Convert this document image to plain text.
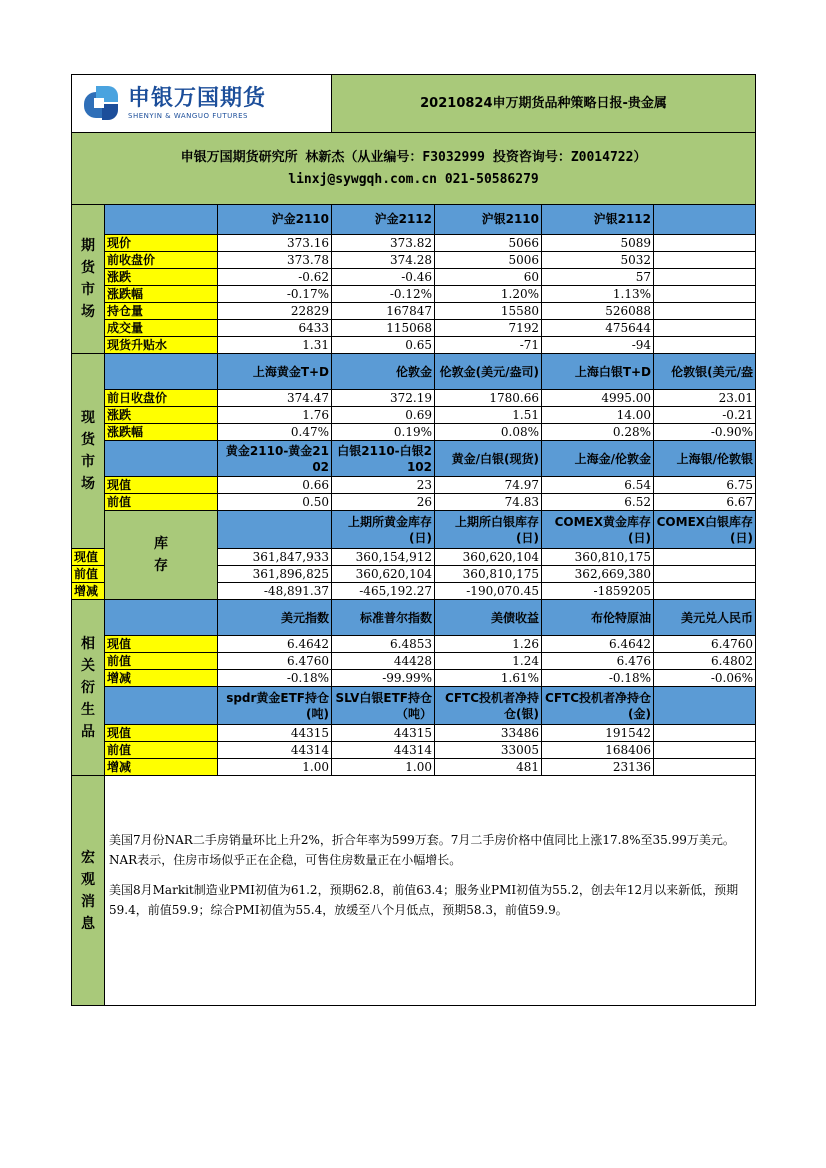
申银万国期货
SHENYIN & WANGUO FUTURES			20210824申万期货品种策略日报-贵金属				

申银万国期货研究所 林新杰（从业编号：F3032999 投资咨询号：Z0014722）
linxj@sywgqh.com.cn 021-50586279							

期货市场		沪金2110	沪金2112	沪银2110	沪银2112		
	现价	373.16	373.82	5066	5089		
	前收盘价	373.78	374.28	5006	5032		
	涨跌	-0.62	-0.46	60	57		
	涨跌幅	-0.17%	-0.12%	1.20%	1.13%		
	持仓量	22829	167847	15580	526088		
	成交量	6433	115068	7192	475644		
	现货升贴水	1.31	0.65	-71	-94		

现货市场		上海黄金T+D	伦敦金	伦敦金(美元/盎司)	上海白银T+D	伦敦银(美元/盎	
	前日收盘价	374.47	372.19	1780.66	4995.00	23.01	
	涨跌	1.76	0.69	1.51	14.00	-0.21	
	涨跌幅	0.47%	0.19%	0.08%	0.28%	-0.90%	
		黄金2110-黄金2102	白银2110-白银2102	黄金/白银(现货)	上海金/伦敦金	上海银/伦敦银	
	现值	0.66	23	74.97	6.54	6.75	
	前值	0.50	26	74.83	6.52	6.67	

	库存		上期所黄金库存(日)	上期所白银库存(日)	COMEX黄金库存(日)	COMEX白银库存(日)	
现值		361,847,933	360,154,912	360,620,104	360,810,175		
前值		361,896,825	360,620,104	360,810,175	362,669,380		
增减		-48,891.37	-465,192.27	-190,070.45	-1859205		

相关衍生品		美元指数	标准普尔指数	美债收益	布伦特原油	美元兑人民币	
	现值	6.4642	6.4853	1.26	6.4642	6.4760	
	前值	6.4760	44428	1.24	6.476	6.4802	
	增减	-0.18%	-99.99%	1.61%	-0.18%	-0.06%	
		spdr黄金ETF持仓(吨)	SLV白银ETF持仓（吨）	CFTC投机者净持仓(银)	CFTC投机者净持仓(金)		
	现值	44315	44315	33486	191542		
	前值	44314	44314	33005	168406		
	增减	1.00	1.00	481	23136		

宏观消息	美国7月份NAR二手房销量环比上升2%，折合年率为599万套。7月二手房价格中值同比上涨17.8%至35.99万美元。NAR表示，住房市场似乎正在企稳，可售住房数量正在小幅增长。

美国8月Markit制造业PMI初值为61.2，预期62.8，前值63.4；服务业PMI初值为55.2，创去年12月以来新低，预期59.4，前值59.9；综合PMI初值为55.4，放缓至八个月低点，预期58.3，前值59.9。						
